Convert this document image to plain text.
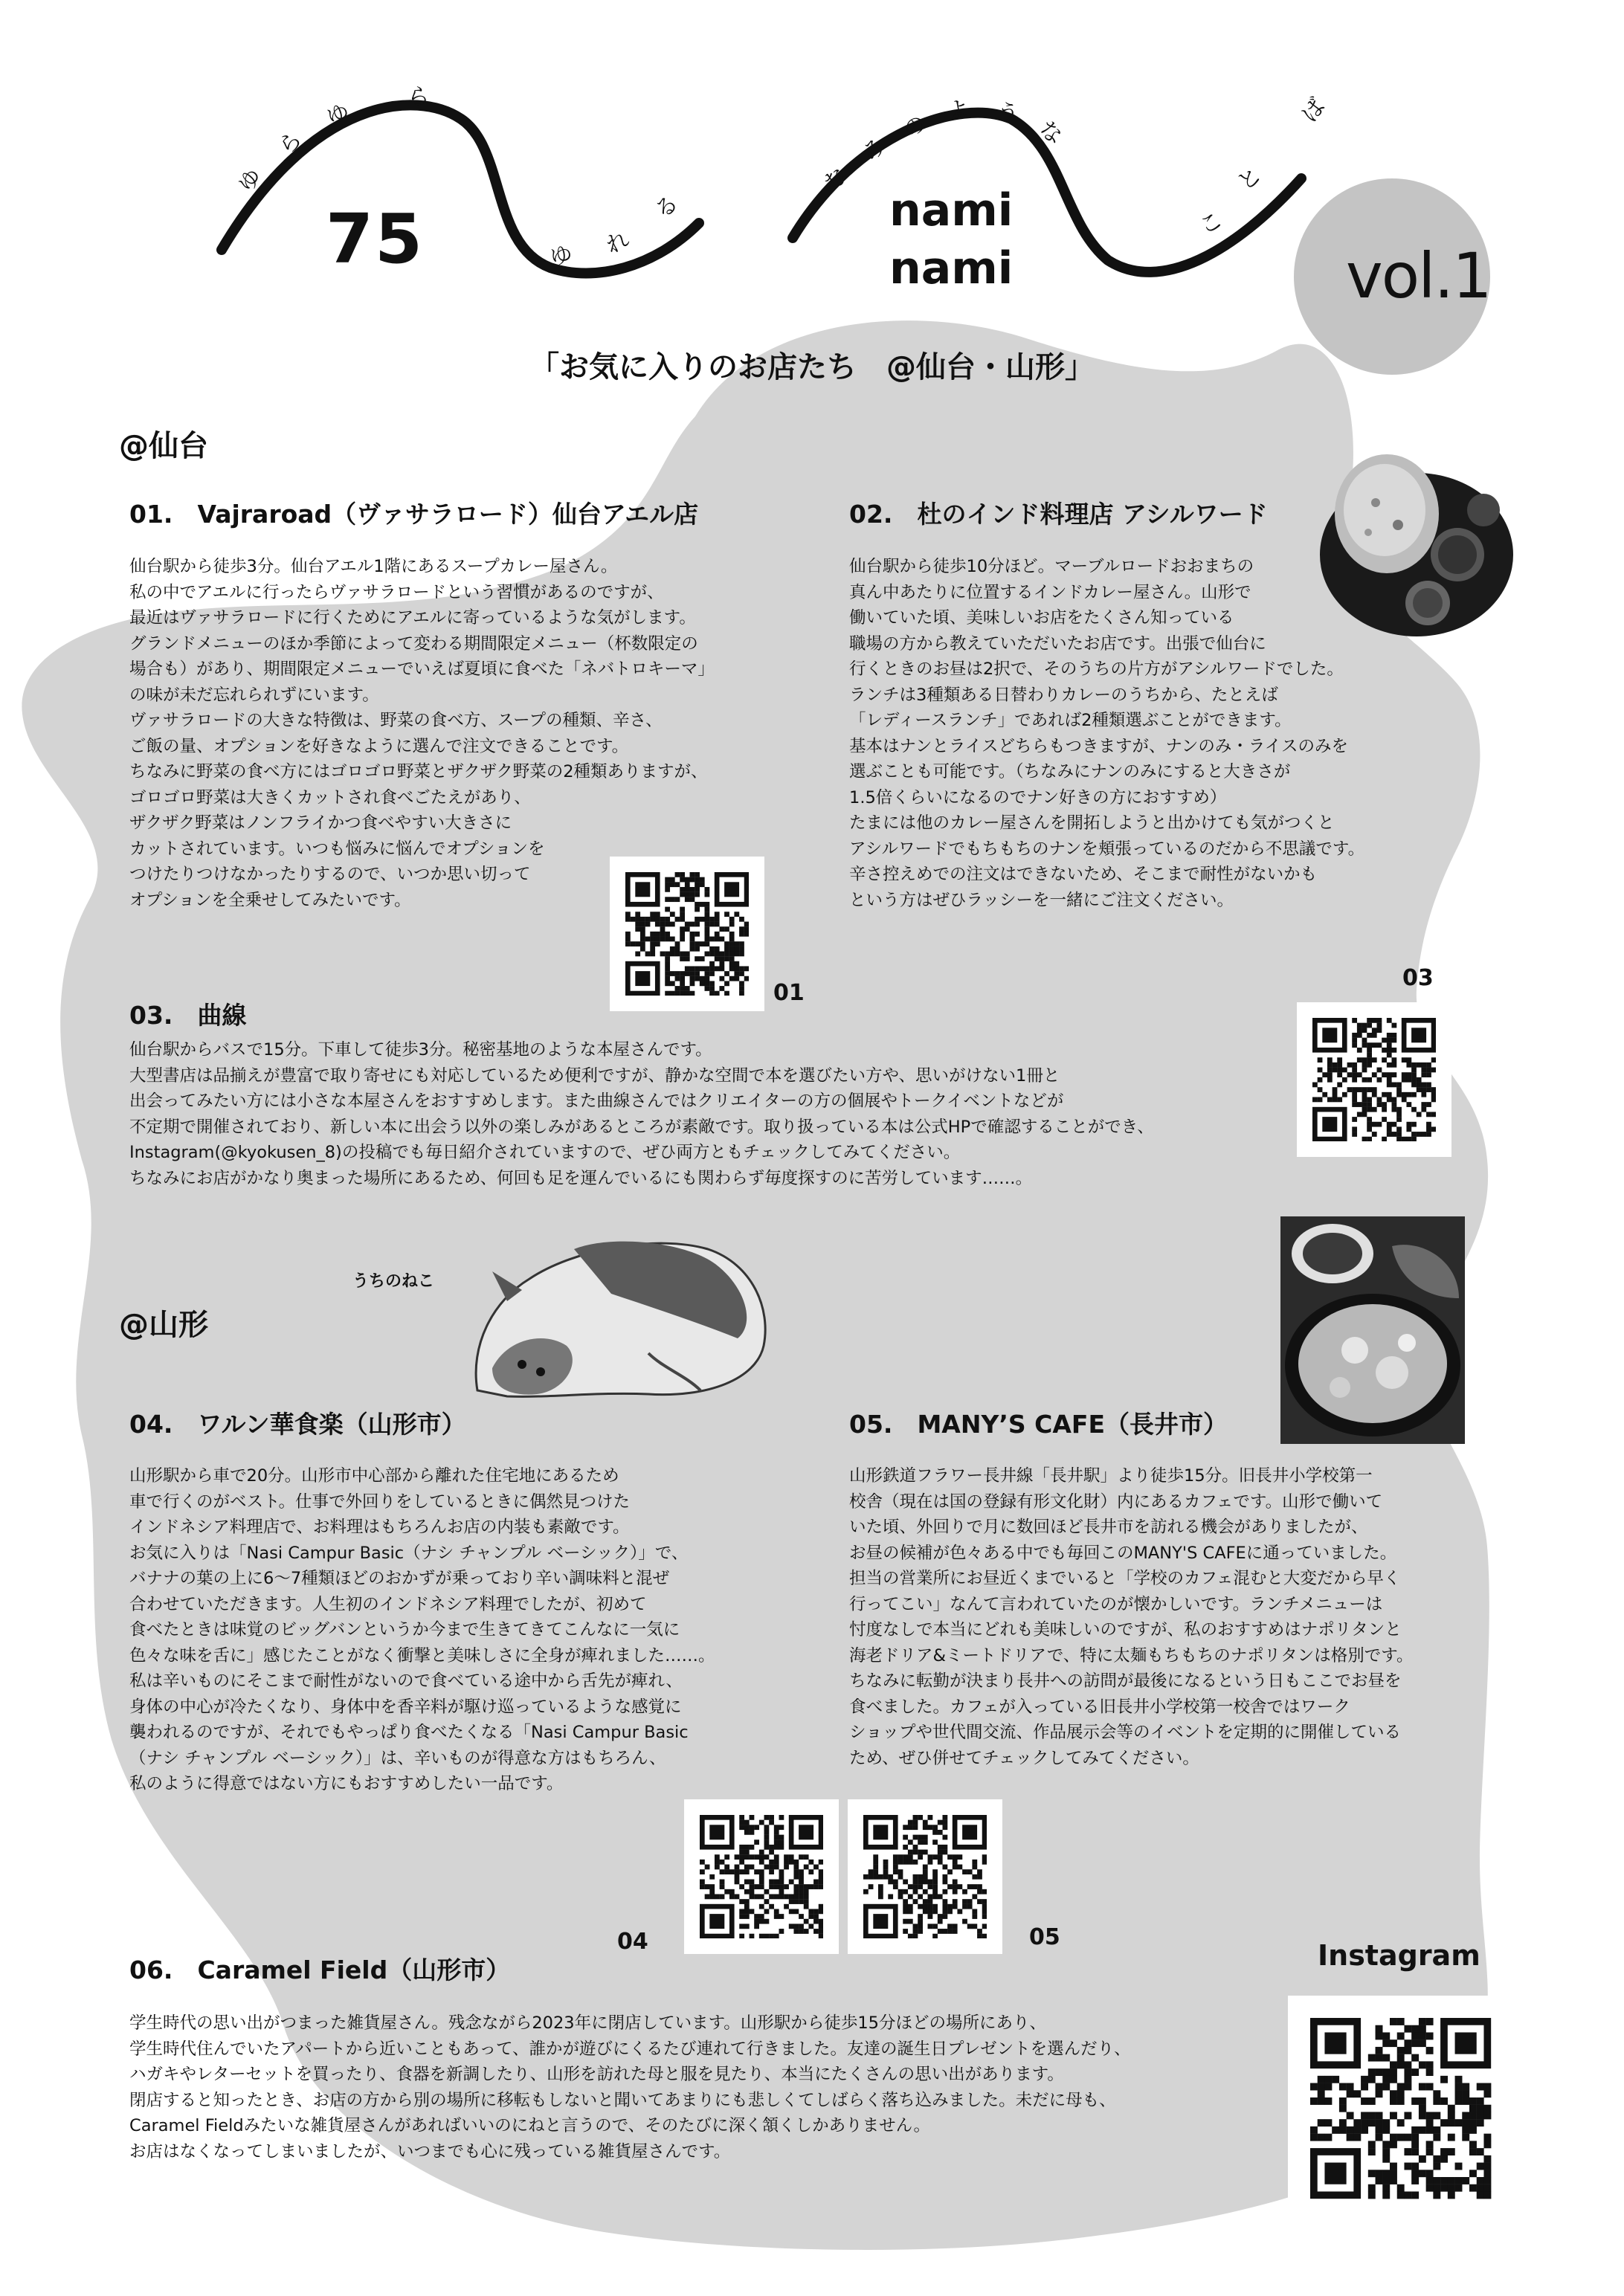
75	nami
nami	vol.1
ゆ
ら
ゆ
ら
ゆ れ
る
な
み
の よ う
な
こ
と
ば
「お気に入りのお店たち　@仙台・山形」
@仙台
@山形
01.　Vajraroad（ヴァサラロード）仙台アエル店
仙台駅から徒歩3分。仙台アエル1階にあるスープカレー屋さん。
私の中でアエルに行ったらヴァサラロードという習慣があるのですが、
最近はヴァサラロードに行くためにアエルに寄っているような気がします。
グランドメニューのほか季節によって変わる期間限定メニュー（杯数限定の
場合も）があり、期間限定メニューでいえば夏頃に食べた「ネバトロキーマ」
の味が未だ忘れられずにいます。
ヴァサラロードの大きな特徴は、野菜の食べ方、スープの種類、辛さ、
ご飯の量、オプションを好きなように選んで注文できることです。
ちなみに野菜の食べ方にはゴロゴロ野菜とザクザク野菜の2種類ありますが、
ゴロゴロ野菜は大きくカットされ食べごたえがあり、
ザクザク野菜はノンフライかつ食べやすい大きさに
カットされています。いつも悩みに悩んでオプションを
つけたりつけなかったりするので、いつか思い切って
オプションを全乗せしてみたいです。
01
02.　杜のインド料理店 アシルワード
仙台駅から徒歩10分ほど。マーブルロードおおまちの
真ん中あたりに位置するインドカレー屋さん。山形で
働いていた頃、美味しいお店をたくさん知っている
職場の方から教えていただいたお店です。出張で仙台に
行くときのお昼は2択で、そのうちの片方がアシルワードでした。
ランチは3種類ある日替わりカレーのうちから、たとえば
「レディースランチ」であれば2種類選ぶことができます。
基本はナンとライスどちらもつきますが、ナンのみ・ライスのみを
選ぶことも可能です。（ちなみにナンのみにすると大きさが
1.5倍くらいになるのでナン好きの方におすすめ）
たまには他のカレー屋さんを開拓しようと出かけても気がつくと
アシルワードでもちもちのナンを頬張っているのだから不思議です。
辛さ控えめでの注文はできないため、そこまで耐性がないかも
という方はぜひラッシーを一緒にご注文ください。
03
03.　曲線
仙台駅からバスで15分。下車して徒歩3分。秘密基地のような本屋さんです。
大型書店は品揃えが豊富で取り寄せにも対応しているため便利ですが、静かな空間で本を選びたい方や、思いがけない1冊と
出会ってみたい方には小さな本屋さんをおすすめします。また曲線さんではクリエイターの方の個展やトークイベントなどが
不定期で開催されており、新しい本に出会う以外の楽しみがあるところが素敵です。取り扱っている本は公式HPで確認することができ、
Instagram(@kyokusen_8)の投稿でも毎日紹介されていますので、ぜひ両方ともチェックしてみてください。
ちなみにお店がかなり奥まった場所にあるため、何回も足を運んでいるにも関わらず毎度探すのに苦労しています……。
うちのねこ
04.　ワルン華食楽（山形市）
山形駅から車で20分。山形市中心部から離れた住宅地にあるため
車で行くのがベスト。仕事で外回りをしているときに偶然見つけた
インドネシア料理店で、お料理はもちろんお店の内装も素敵です。
お気に入りは「Nasi Campur Basic（ナシ チャンプル ベーシック）」で、
バナナの葉の上に6〜7種類ほどのおかずが乗っており辛い調味料と混ぜ
合わせていただきます。人生初のインドネシア料理でしたが、初めて
食べたときは味覚のビッグバンというか今まで生きてきてこんなに一気に
色々な味を舌に」感じたことがなく衝撃と美味しさに全身が痺れました……。
私は辛いものにそこまで耐性がないので食べている途中から舌先が痺れ、
身体の中心が冷たくなり、身体中を香辛料が駆け巡っているような感覚に
襲われるのですが、それでもやっぱり食べたくなる「Nasi Campur Basic
（ナシ チャンプル ベーシック）」は、辛いものが得意な方はもちろん、
私のように得意ではない方にもおすすめしたい一品です。
04
05.　MANY’S CAFE（長井市）
山形鉄道フラワー長井線「長井駅」より徒歩15分。旧長井小学校第一
校舎（現在は国の登録有形文化財）内にあるカフェです。山形で働いて
いた頃、外回りで月に数回ほど長井市を訪れる機会がありましたが、
お昼の候補が色々ある中でも毎回このMANY'S CAFEに通っていました。
担当の営業所にお昼近くまでいると「学校のカフェ混むと大変だから早く
行ってこい」なんて言われていたのが懐かしいです。ランチメニューは
忖度なしで本当にどれも美味しいのですが、私のおすすめはナポリタンと
海老ドリア&ミートドリアで、特に太麺もちもちのナポリタンは格別です。
ちなみに転勤が決まり長井への訪問が最後になるという日もここでお昼を
食べました。カフェが入っている旧長井小学校第一校舎ではワーク
ショップや世代間交流、作品展示会等のイベントを定期的に開催している
ため、ぜひ併せてチェックしてみてください。
05
06.　Caramel Field（山形市）
学生時代の思い出がつまった雑貨屋さん。残念ながら2023年に閉店しています。山形駅から徒歩15分ほどの場所にあり、
学生時代住んでいたアパートから近いこともあって、誰かが遊びにくるたび連れて行きました。友達の誕生日プレゼントを選んだり、
ハガキやレターセットを買ったり、食器を新調したり、山形を訪れた母と服を見たり、本当にたくさんの思い出があります。
閉店すると知ったとき、お店の方から別の場所に移転もしないと聞いてあまりにも悲しくてしばらく落ち込みました。未だに母も、
Caramel Fieldみたいな雑貨屋さんがあればいいのにねと言うので、そのたびに深く頷くしかありません。
お店はなくなってしまいましたが、いつまでも心に残っている雑貨屋さんです。
Instagram
